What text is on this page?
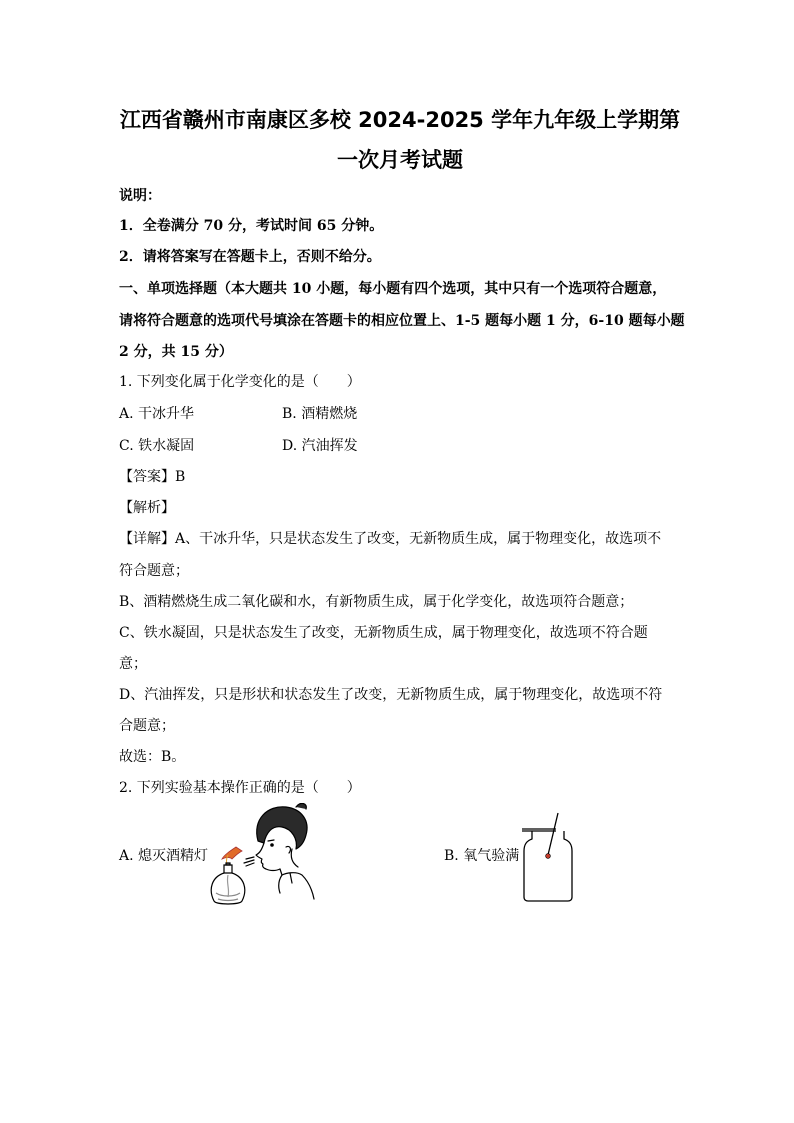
江西省赣州市南康区多校 2024-2025 学年九年级上学期第
一次月考试题
说明：
1．全卷满分 70 分，考试时间 65 分钟。
2．请将答案写在答题卡上，否则不给分。
一、单项选择题（本大题共 10 小题，每小题有四个选项，其中只有一个选项符合题意，
请将符合题意的选项代号填涂在答题卡的相应位置上、1-5 题每小题 1 分，6-10 题每小题
2 分，共 15 分）
1. 下列变化属于化学变化的是（　　）
A. 干冰升华	B. 酒精燃烧
C. 铁水凝固	D. 汽油挥发
【答案】B
【解析】
【详解】A、干冰升华，只是状态发生了改变，无新物质生成，属于物理变化，故选项不
符合题意；
B、酒精燃烧生成二氧化碳和水，有新物质生成，属于化学变化，故选项符合题意；
C、铁水凝固，只是状态发生了改变，无新物质生成，属于物理变化，故选项不符合题
意；
D、汽油挥发，只是形状和状态发生了改变，无新物质生成，属于物理变化，故选项不符
合题意；
故选：B。
2. 下列实验基本操作正确的是（　　）
A. 熄灭酒精灯	B. 氧气验满
